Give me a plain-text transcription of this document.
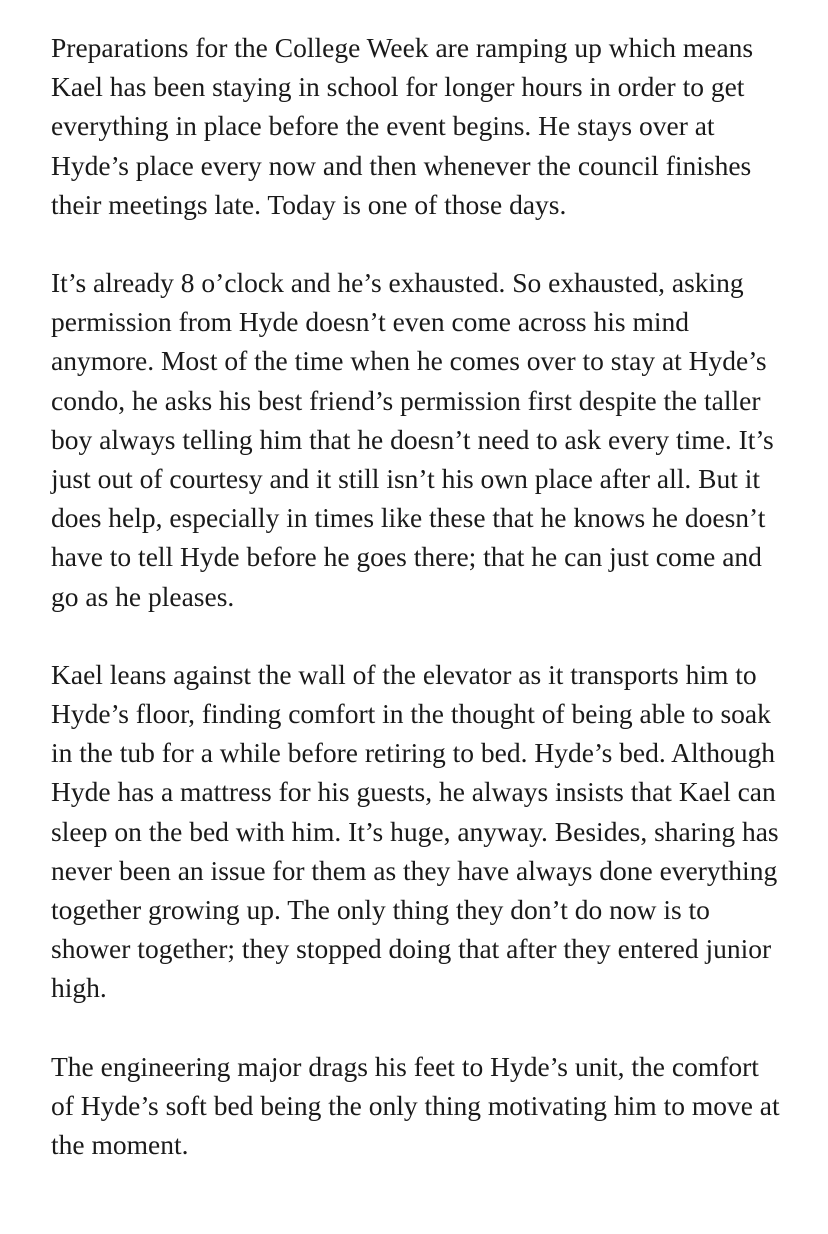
Preparations for the College Week are ramping up which means Kael has been staying in school for longer hours in order to get everything in place before the event begins. He stays over at Hyde’s place every now and then whenever the council finishes their meetings late. Today is one of those days.

It’s already 8 o’clock and he’s exhausted. So exhausted, asking permission from Hyde doesn’t even come across his mind anymore. Most of the time when he comes over to stay at Hyde’s condo, he asks his best friend’s permission first despite the taller boy always telling him that he doesn’t need to ask every time. It’s just out of courtesy and it still isn’t his own place after all. But it does help, especially in times like these that he knows he doesn’t have to tell Hyde before he goes there; that he can just come and go as he pleases.

Kael leans against the wall of the elevator as it transports him to Hyde’s floor, finding comfort in the thought of being able to soak in the tub for a while before retiring to bed. Hyde’s bed. Although Hyde has a mattress for his guests, he always insists that Kael can sleep on the bed with him. It’s huge, anyway. Besides, sharing has never been an issue for them as they have always done everything together growing up. The only thing they don’t do now is to shower together; they stopped doing that after they entered junior high.

The engineering major drags his feet to Hyde’s unit, the comfort of Hyde’s soft bed being the only thing motivating him to move at the moment.
